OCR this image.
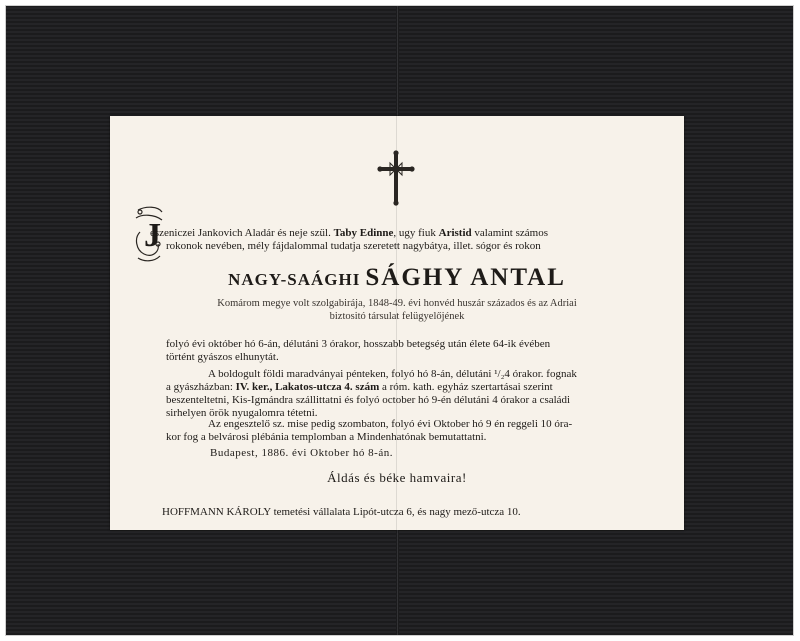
J
eszeniczei Jankovich Aladár és neje szül. Taby Edinne, ugy fiuk Aristid valamint számos
rokonok nevében, mély fájdalommal tudatja szeretett nagybátya, illet. sógor és rokon
NAGY-SAÁGHI SÁGHY ANTAL
Komárom megye volt szolgabirája, 1848-49. évi honvéd huszár százados és az Adriai
biztositó társulat felügyelőjének
folyó évi október hó 6-án, délutáni 3 órakor, hosszabb betegség után élete 64-ik évében
történt gyászos elhunytát.
A boldogult földi maradványai pénteken, folyó hó 8-án, délutáni ¹/₂4 órakor. fognak
a gyászházban: IV. ker., Lakatos-utcza 4. szám a róm. kath. egyház szertartásai szerint
beszenteltetni, Kis-Igmándra szállittatni és folyó october hó 9-én délutáni 4 órakor a családi
sirhelyen örök nyugalomra tétetni.
Az engesztelő sz. mise pedig szombaton, folyó évi Oktober hó 9 én reggeli 10 órа-
kor fog a belvárosi plébánia templomban a Mindenhatónak bemutattatni.
Budapest, 1886. évi Oktober hó 8-án.
Áldás és béke hamvaira!
HOFFMANN KÁROLY temetési vállalata Lipót-utcza 6, és nagy mező-utcza 10.
